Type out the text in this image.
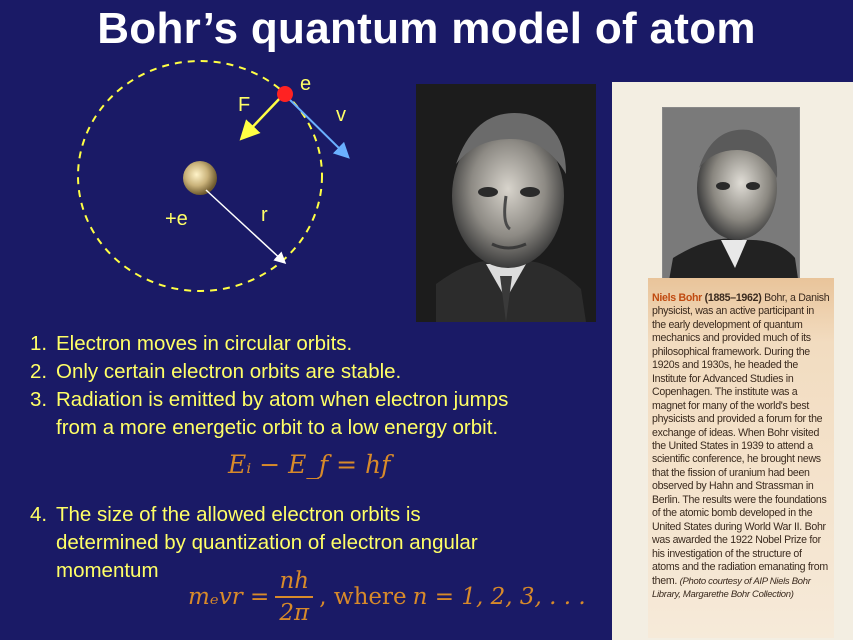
Bohr’s quantum model of atom
e
F	v
+e	r
Niels Bohr (1885–1962) Bohr, a Danish physicist, was an active participant in the early development of quantum mechanics and provided much of its philosophical framework. During the 1920s and 1930s, he headed the Institute for Advanced Studies in Copenhagen. The institute was a magnet for many of the world's best physicists and provided a forum for the exchange of ideas. When Bohr visited the United States in 1939 to attend a scientific conference, he brought news that the fission of uranium had been observed by Hahn and Strassman in Berlin. The results were the foundations of the atomic bomb developed in the United States during World War II. Bohr was awarded the 1922 Nobel Prize for his investigation of the structure of atoms and the radiation emanating from them. (Photo courtesy of AIP Niels Bohr Library, Margarethe Bohr Collection)
1. Electron moves in circular orbits.
2. Only certain electron orbits are stable.
3. Radiation is emitted by atom when electron jumps from a more energetic orbit to a low energy orbit.
Eᵢ − E_f = hf
4. The size of the allowed electron orbits is determined by quantization of electron angular momentum
$m_evr = \frac{nh}{2\pi}$ , where n = 1, 2, 3, . . .
